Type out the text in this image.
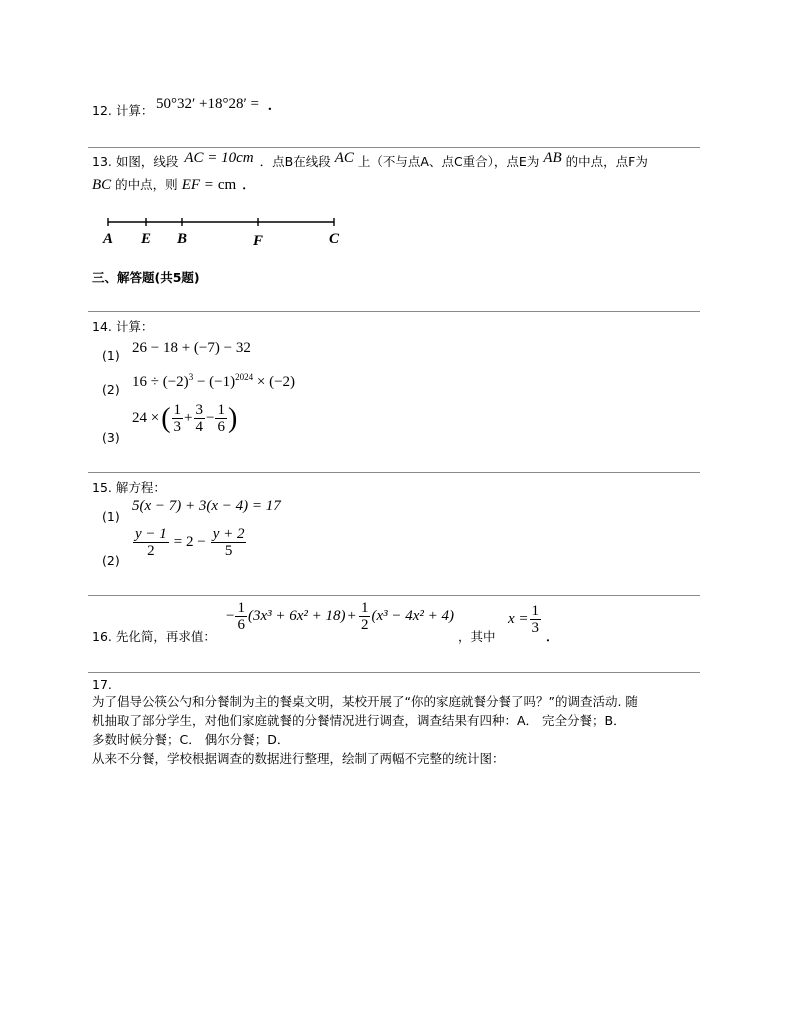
12. 计算： 50°32′ +18°28′ = .
13. 如图，线段 AC = 10cm ．点B在线段 AC 上（不与点A、点C重合），点E为 AB 的中点，点F为
BC 的中点，则 EF = cm ．
A E B	F	C
三、解答题(共5题)
14. 计算：
(1) 26 − 18 + (−7) − 32
(2) $16 \div (-2)^3 - (-1)^{2024} \times (-2)$
(3)
24 × ( $\frac{1}{3} + \frac{3}{4} - \frac{1}{6}$ )
15. 解方程：
(1)
5(x − 7) + 3(x − 4) = 17
(2)
$\frac{y - 1}{2} = 2 - \frac{y + 2}{5}$
16. 先化简，再求值：
− $\frac{1}{6} (3x^3 + 6x^2 + 18) + \frac{1}{2} (x^3 - 4x^2 + 4)$
，其中
$x = \frac{1}{3}$
．
17.
为了倡导公筷公勺和分餐制为主的餐桌文明，某校开展了“你的家庭就餐分餐了吗？”的调查活动. 随
机抽取了部分学生，对他们家庭就餐的分餐情况进行调查，调查结果有四种：A． 完全分餐；B．
多数时候分餐；C． 偶尔分餐；D．
从来不分餐，学校根据调查的数据进行整理，绘制了两幅不完整的统计图：
